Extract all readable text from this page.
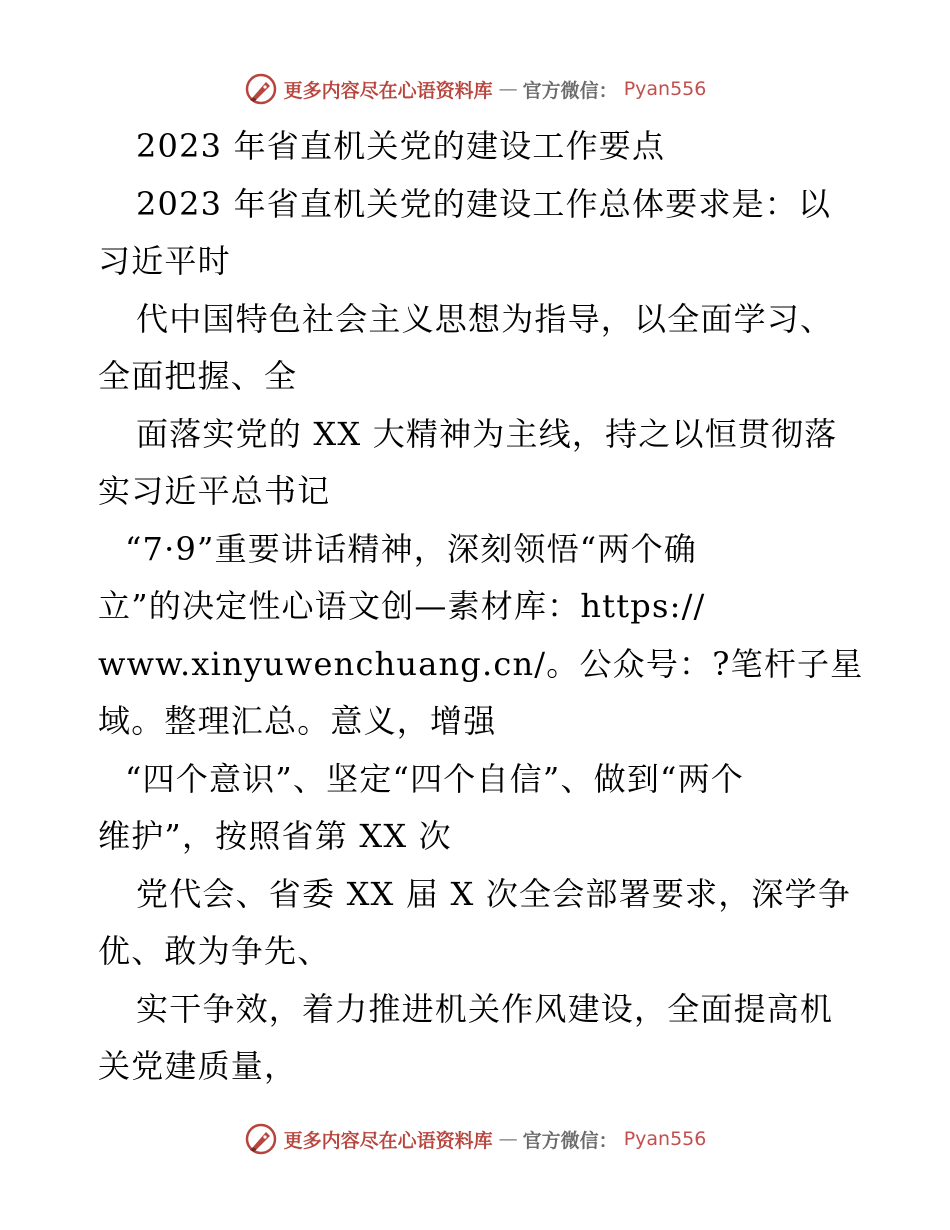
更多内容尽在心语资料库 — 官方微信： Pyan556
2023 年省直机关党的建设工作要点
2023 年省直机关党的建设工作总体要求是：以
习近平时
代中国特色社会主义思想为指导，以全面学习、
全面把握、全
面落实党的 XX 大精神为主线，持之以恒贯彻落
实习近平总书记
“7·9”重要讲话精神，深刻领悟“两个确
立”的决定性心语文创—素材库：https://
www.xinyuwenchuang.cn/。公众号：?笔杆子星
域。整理汇总。意义，增强
“四个意识”、坚定“四个自信”、做到“两个
维护”，按照省第 XX 次
党代会、省委 XX 届 X 次全会部署要求，深学争
优、敢为争先、
实干争效，着力推进机关作风建设，全面提高机
关党建质量，
更多内容尽在心语资料库 — 官方微信： Pyan556
